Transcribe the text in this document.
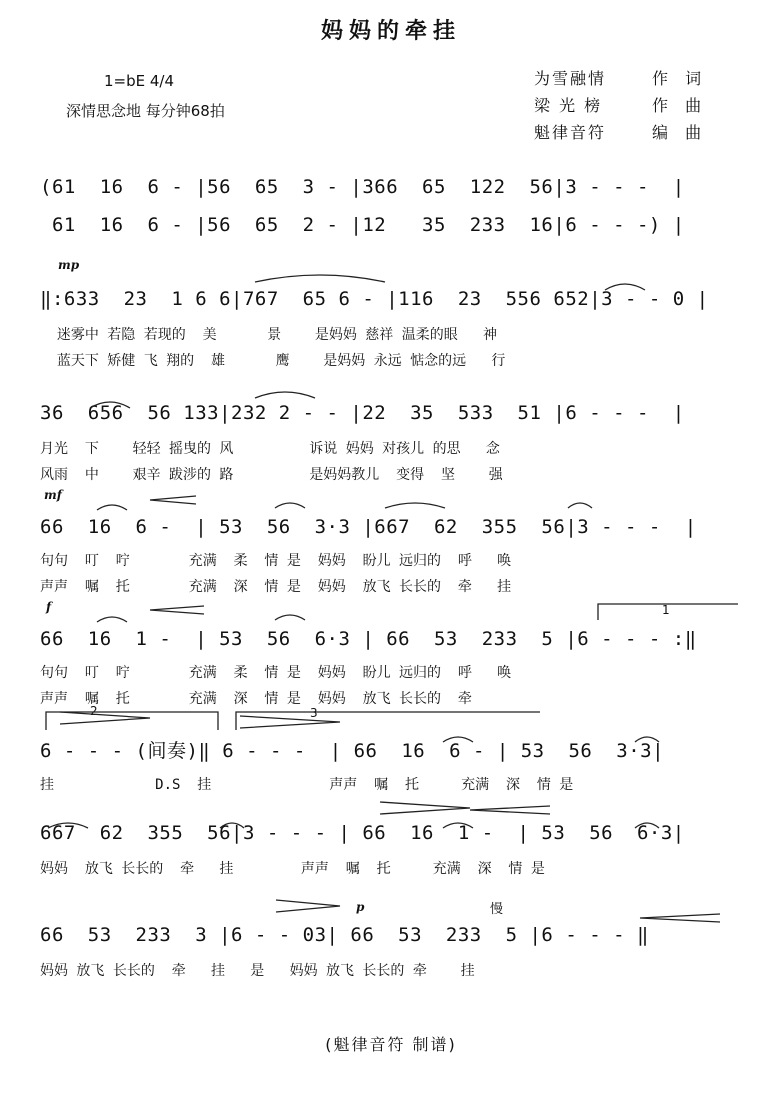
妈妈的牵挂
1=bE 4/4
深情思念地 每分钟68拍
为雪融情	作 词
梁 光 榜	作 曲
魁律音符	编 曲
(61  16  6 - |56  65  3 - |366  65  122  56|3 - - -  |
61  16  6 - |56  65  2 - |12   35  233  16|6 - - -) |
mp
‖:633  23  1 6 6|767  65 6 - |116  23  556 652|3 - - 0 |
迷雾中 若隐 若现的  美      景    是妈妈 慈祥 温柔的眼   神
蓝天下 矫健 飞 翔的  雄      鹰    是妈妈 永远 惦念的远   行
36  656  56 133|232 2 - - |22  35  533  51 |6 - - -  |
月光  下    轻轻 摇曳的 风         诉说 妈妈 对孩儿 的思   念
风雨  中    艰辛 跋涉的 路         是妈妈教儿  变得  坚    强
mf
66  16  6 -  | 53  56  3·3 |667  62  355  56|3 - - -  |
句句  叮  咛       充满  柔  情 是  妈妈  盼儿 远归的  呼   唤
声声  嘱  托       充满  深  情 是  妈妈  放飞 长长的  牵   挂
f
66  16  1 -  | 53  56  6·3 | 66  53  233  5 |6 - - - :‖
句句  叮  咛       充满  柔  情 是  妈妈  盼儿 远归的  呼   唤
声声  嘱  托       充满  深  情 是  妈妈  放飞 长长的  牵
6 - - - (间奏)‖ 6 - - -  | 66  16  6 - | 53  56  3·3|
挂            D.S  挂              声声  嘱  托     充满  深  情 是
667  62  355  56|3 - - - | 66  16  1 -  | 53  56  6·3|
妈妈  放飞 长长的  牵   挂        声声  嘱  托     充满  深  情 是
66  53  233  3 |6 - - 03| 66  53  233  5 |6 - - - ‖
妈妈 放飞 长长的  牵   挂   是   妈妈 放飞 长长的 牵    挂
p	慢
1
2	3
(魁律音符 制谱)
